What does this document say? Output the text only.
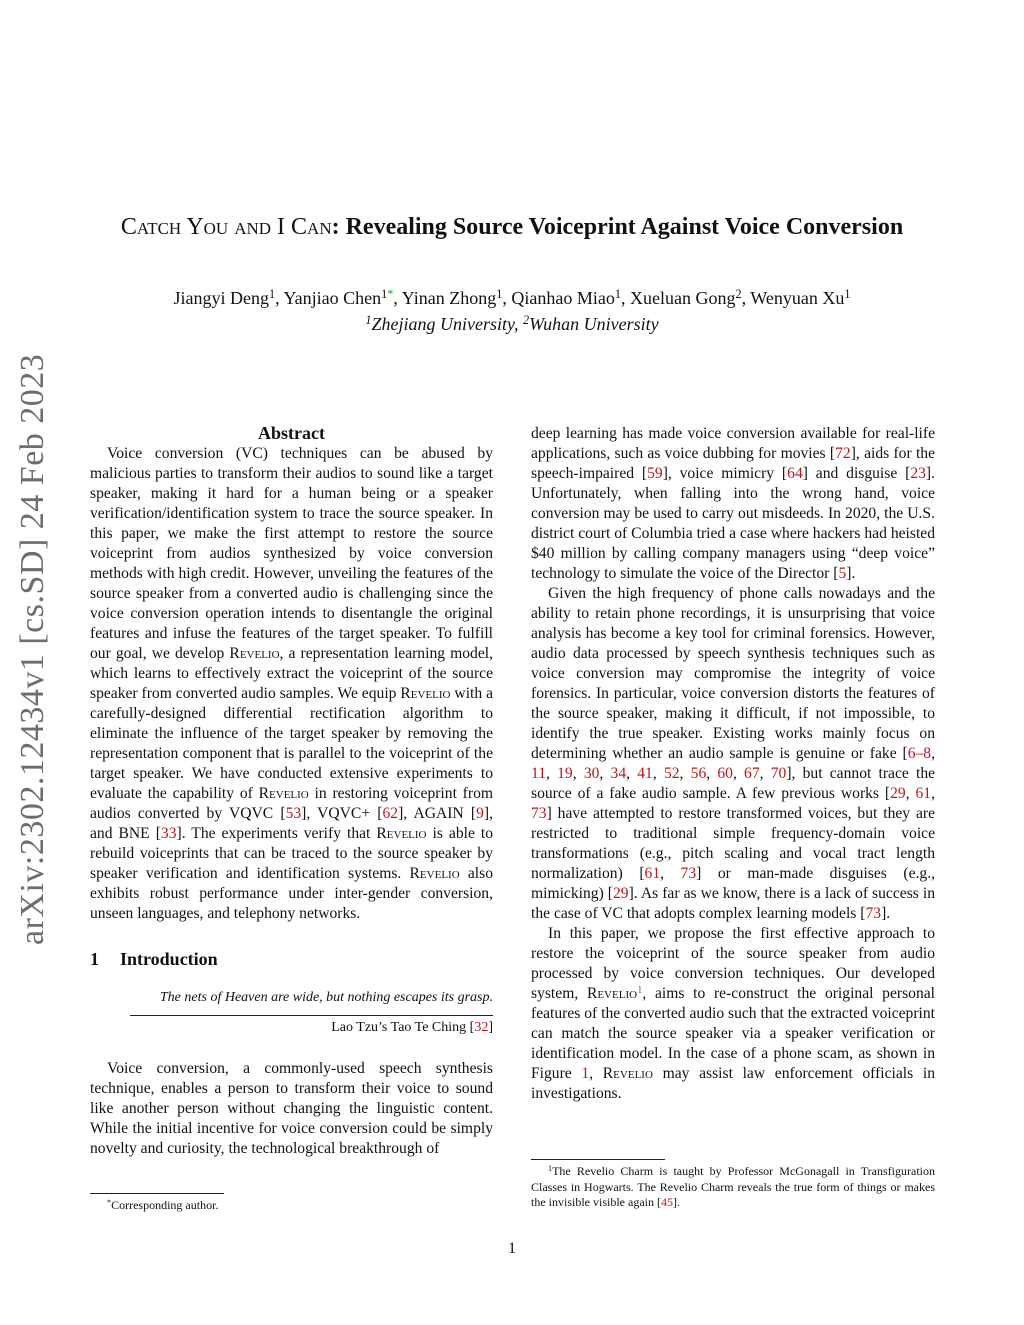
arXiv:2302.12434v1 [cs.SD] 24 Feb 2023
Catch You and I Can: Revealing Source Voiceprint Against Voice Conversion
Jiangyi Deng$^1$, Yanjiao Chen$^{1*}$, Yinan Zhong$^1$, Qianhao Miao$^1$, Xueluan Gong$^2$, Wenyuan Xu$^1$
$^1$Zhejiang University, $^2$Wuhan University
Abstract

Voice conversion (VC) techniques can be abused by malicious parties to transform their audios to sound like a target speaker, making it hard for a human being or a speaker verification/identification system to trace the source speaker. In this paper, we make the first attempt to restore the source voiceprint from audios synthesized by voice conversion methods with high credit. However, unveiling the features of the source speaker from a converted audio is challenging since the voice conversion operation intends to disentangle the original features and infuse the features of the target speaker. To fulfill our goal, we develop Revelio, a representation learning model, which learns to effectively extract the voiceprint of the source speaker from converted audio samples. We equip Revelio with a carefully-designed differential rectification algorithm to eliminate the influence of the target speaker by removing the representation component that is parallel to the voiceprint of the target speaker. We have conducted extensive experiments to evaluate the capability of Revelio in restoring voiceprint from audios converted by VQVC [53], VQVC+ [62], AGAIN [9], and BNE [33]. The experiments verify that Revelio is able to rebuild voiceprints that can be traced to the source speaker by speaker verification and identification systems. Revelio also exhibits robust performance under inter-gender conversion, unseen languages, and telephony networks.

1 Introduction
The nets of Heaven are wide, but nothing escapes its grasp.
Lao Tzu’s Tao Te Ching [32]

Voice conversion, a commonly-used speech synthesis technique, enables a person to transform their voice to sound like another person without changing the linguistic content. While the initial incentive for voice conversion could be simply novelty and curiosity, the technological breakthrough of

*Corresponding author.

deep learning has made voice conversion available for real-life applications, such as voice dubbing for movies [72], aids for the speech-impaired [59], voice mimicry [64] and disguise [23]. Unfortunately, when falling into the wrong hand, voice conversion may be used to carry out misdeeds. In 2020, the U.S. district court of Columbia tried a case where hackers had heisted $40 million by calling company managers using “deep voice” technology to simulate the voice of the Director [5].

Given the high frequency of phone calls nowadays and the ability to retain phone recordings, it is unsurprising that voice analysis has become a key tool for criminal forensics. However, audio data processed by speech synthesis techniques such as voice conversion may compromise the integrity of voice forensics. In particular, voice conversion distorts the features of the source speaker, making it difficult, if not impossible, to identify the true speaker. Existing works mainly focus on determining whether an audio sample is genuine or fake [6–8, 11, 19, 30, 34, 41, 52, 56, 60, 67, 70], but cannot trace the source of a fake audio sample. A few previous works [29, 61, 73] have attempted to restore transformed voices, but they are restricted to traditional simple frequency-domain voice transformations (e.g., pitch scaling and vocal tract length normalization) [61, 73] or man-made disguises (e.g., mimicking) [29]. As far as we know, there is a lack of success in the case of VC that adopts complex learning models [73].

In this paper, we propose the first effective approach to restore the voiceprint of the source speaker from audio processed by voice conversion techniques. Our developed system, Revelio$^1$, aims to re-construct the original personal features of the converted audio such that the extracted voiceprint can match the source speaker via a speaker verification or identification model. In the case of a phone scam, as shown in Figure 1, Revelio may assist law enforcement officials in investigations.

$^1$The Revelio Charm is taught by Professor McGonagall in Transfiguration Classes in Hogwarts. The Revelio Charm reveals the true form of things or makes the invisible visible again [45].
1
